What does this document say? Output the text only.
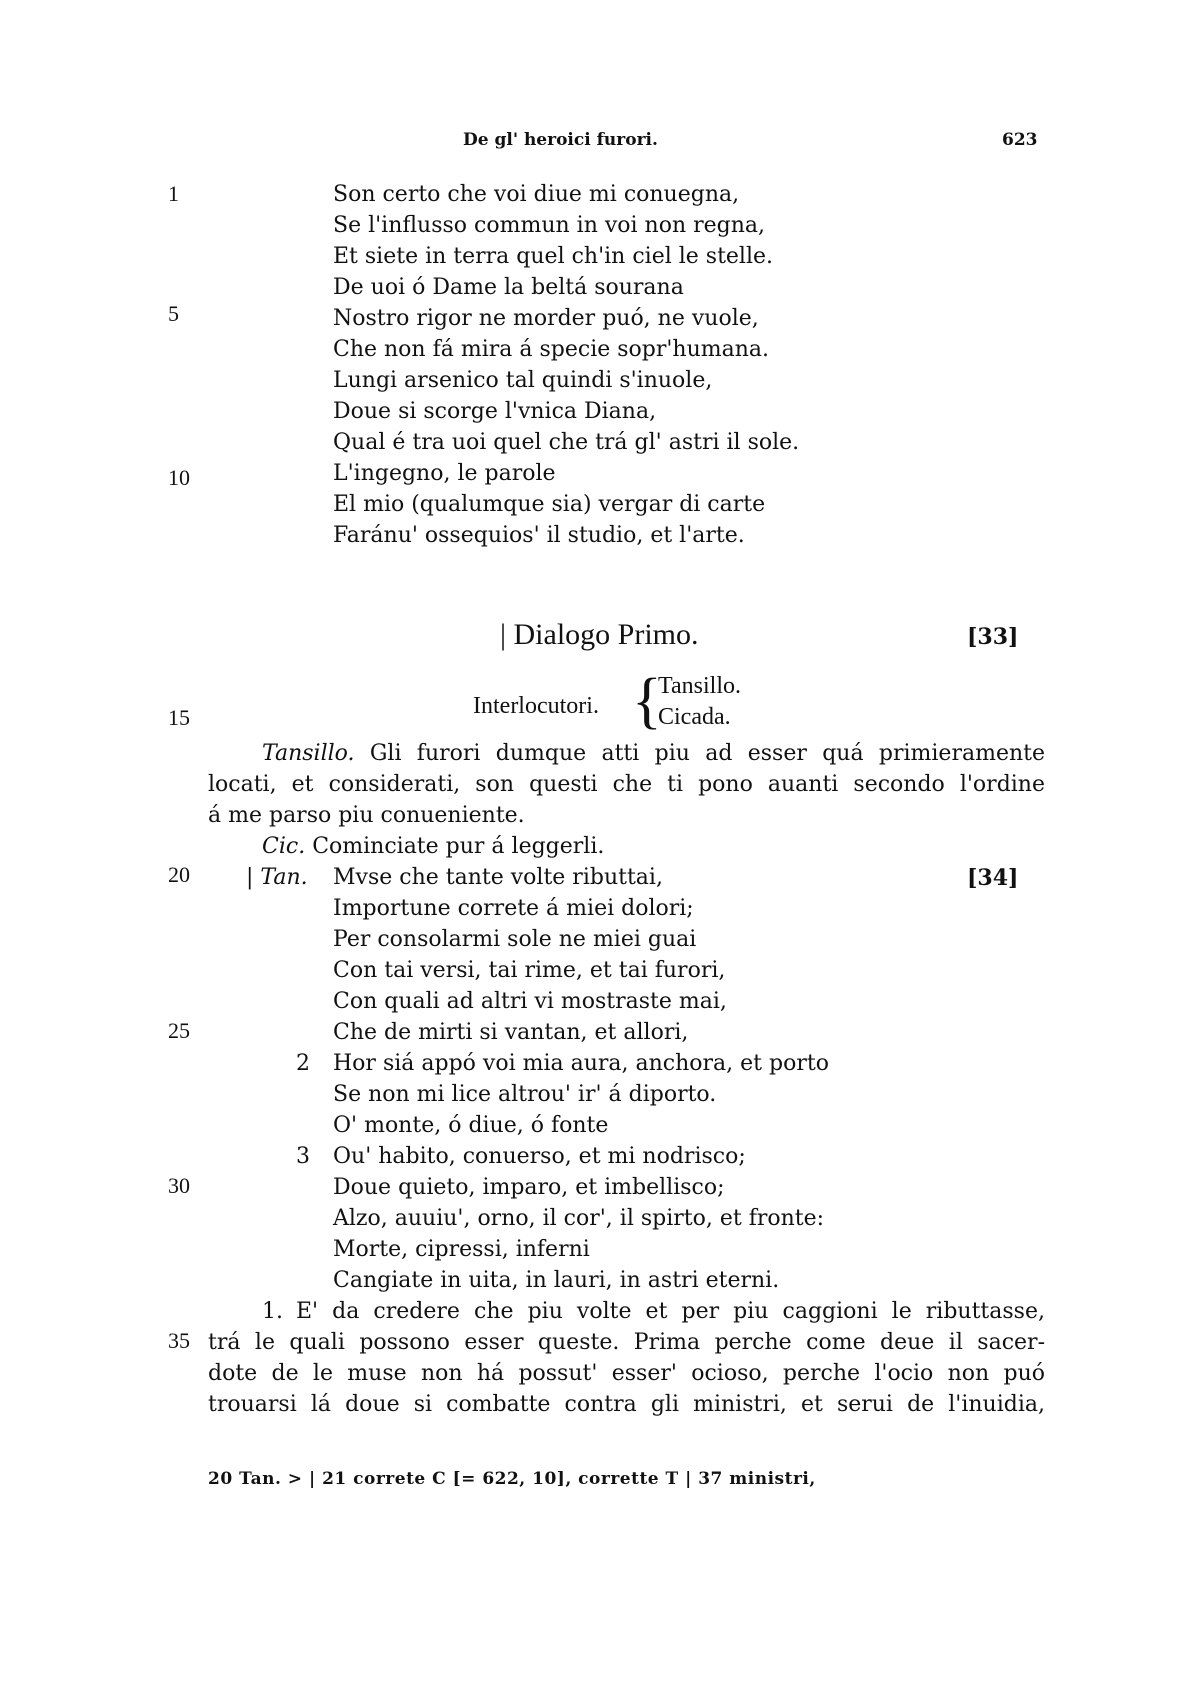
De gl' heroici furori.	623
1
5
10
15
20
25
30
35
Son certo che voi diue mi conuegna,
Se l'influsso commun in voi non regna,
Et siete in terra quel ch'in ciel le stelle.
De uoi ó Dame la beltá sourana
Nostro rigor ne morder puó, ne vuole,
Che non fá mira á specie sopr'humana.
Lungi arsenico tal quindi s'inuole,
Doue si scorge l'vnica Diana,
Qual é tra uoi quel che trá gl' astri il sole.
L'ingegno, le parole
El mio (qualumque sia) vergar di carte
Faránu' ossequios' il studio, et l'arte.
| Dialogo Primo.	[33]
Interlocutori. {
Tansillo.
Cicada.
Tansillo. Gli furori dumque atti piu ad esser quá primieramente
locati, et considerati, son questi che ti pono auanti secondo l'ordine
á me parso piu conueniente.
Cic. Cominciate pur á leggerli.
| Tan.	[34]
Mvse che tante volte ributtai,
Importune correte á miei dolori;
Per consolarmi sole ne miei guai
Con tai versi, tai rime, et tai furori,
Con quali ad altri vi mostraste mai,
Che de mirti si vantan, et allori,
2 Hor siá appó voi mia aura, anchora, et porto
Se non mi lice altrou' ir' á diporto.
O' monte, ó diue, ó fonte
3 Ou' habito, conuerso, et mi nodrisco;
Doue quieto, imparo, et imbellisco;
Alzo, auuiu', orno, il cor', il spirto, et fronte:
Morte, cipressi, inferni
Cangiate in uita, in lauri, in astri eterni.
1. E' da credere che piu volte et per piu caggioni le ributtasse,
trá le quali possono esser queste. Prima perche come deue il sacer-
dote de le muse non há possut' esser' ocioso, perche l'ocio non puó
trouarsi lá doue si combatte contra gli ministri, et serui de l'inuidia,
20 Tan. > | 21 correte C [= 622, 10], corrette T | 37 ministri,
